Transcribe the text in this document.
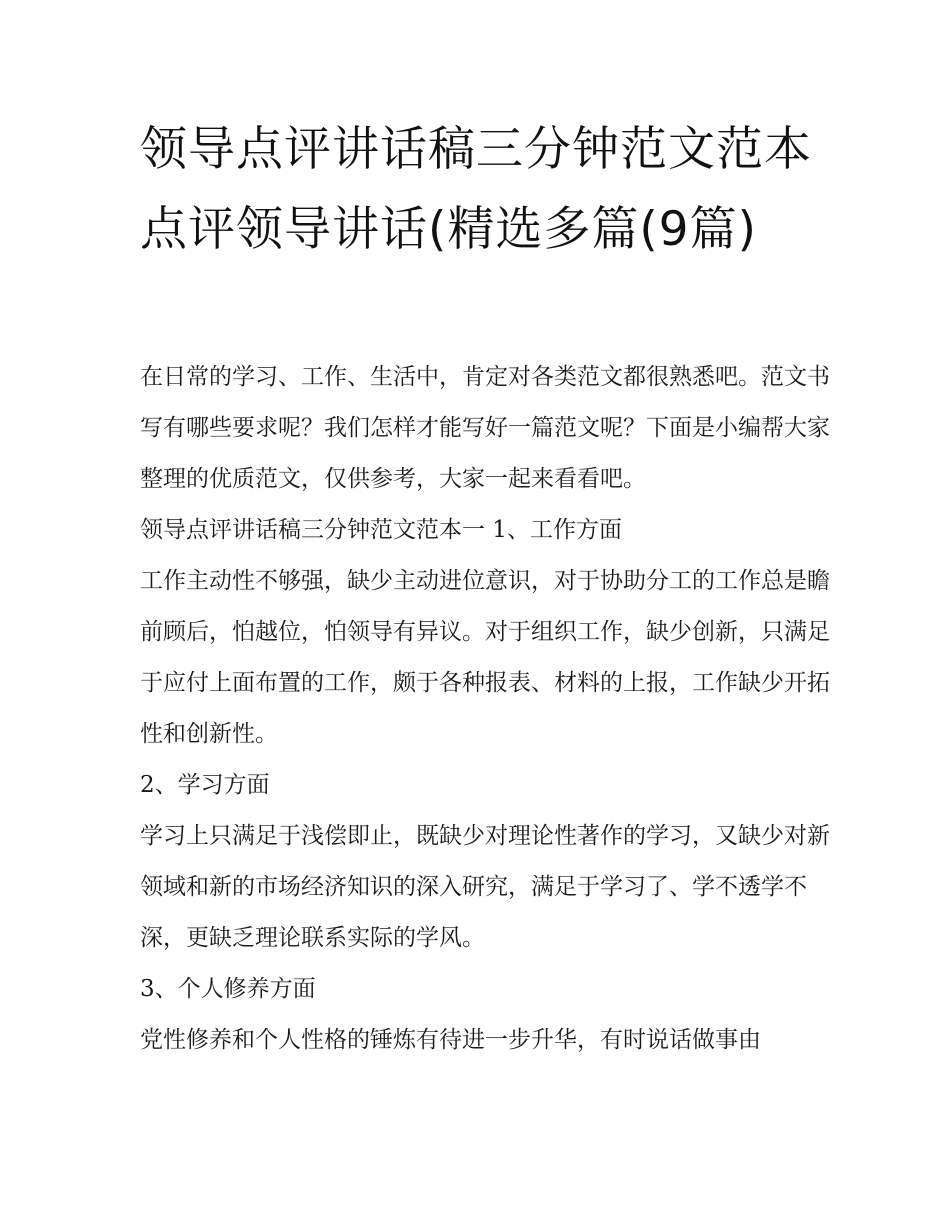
领导点评讲话稿三分钟范文范本 点评领导讲话(精选多篇(9篇)

在日常的学习、工作、生活中，肯定对各类范文都很熟悉吧。范文书写有哪些要求呢？我们怎样才能写好一篇范文呢？下面是小编帮大家整理的优质范文，仅供参考，大家一起来看看吧。

领导点评讲话稿三分钟范文范本一 1、工作方面

工作主动性不够强，缺少主动进位意识，对于协助分工的工作总是瞻前顾后，怕越位，怕领导有异议。对于组织工作，缺少创新，只满足于应付上面布置的工作，颇于各种报表、材料的上报，工作缺少开拓性和创新性。

2、学习方面

学习上只满足于浅偿即止，既缺少对理论性著作的学习，又缺少对新领域和新的市场经济知识的深入研究，满足于学习了、学不透学不深，更缺乏理论联系实际的学风。

3、个人修养方面

党性修养和个人性格的锤炼有待进一步升华，有时说话做事由
